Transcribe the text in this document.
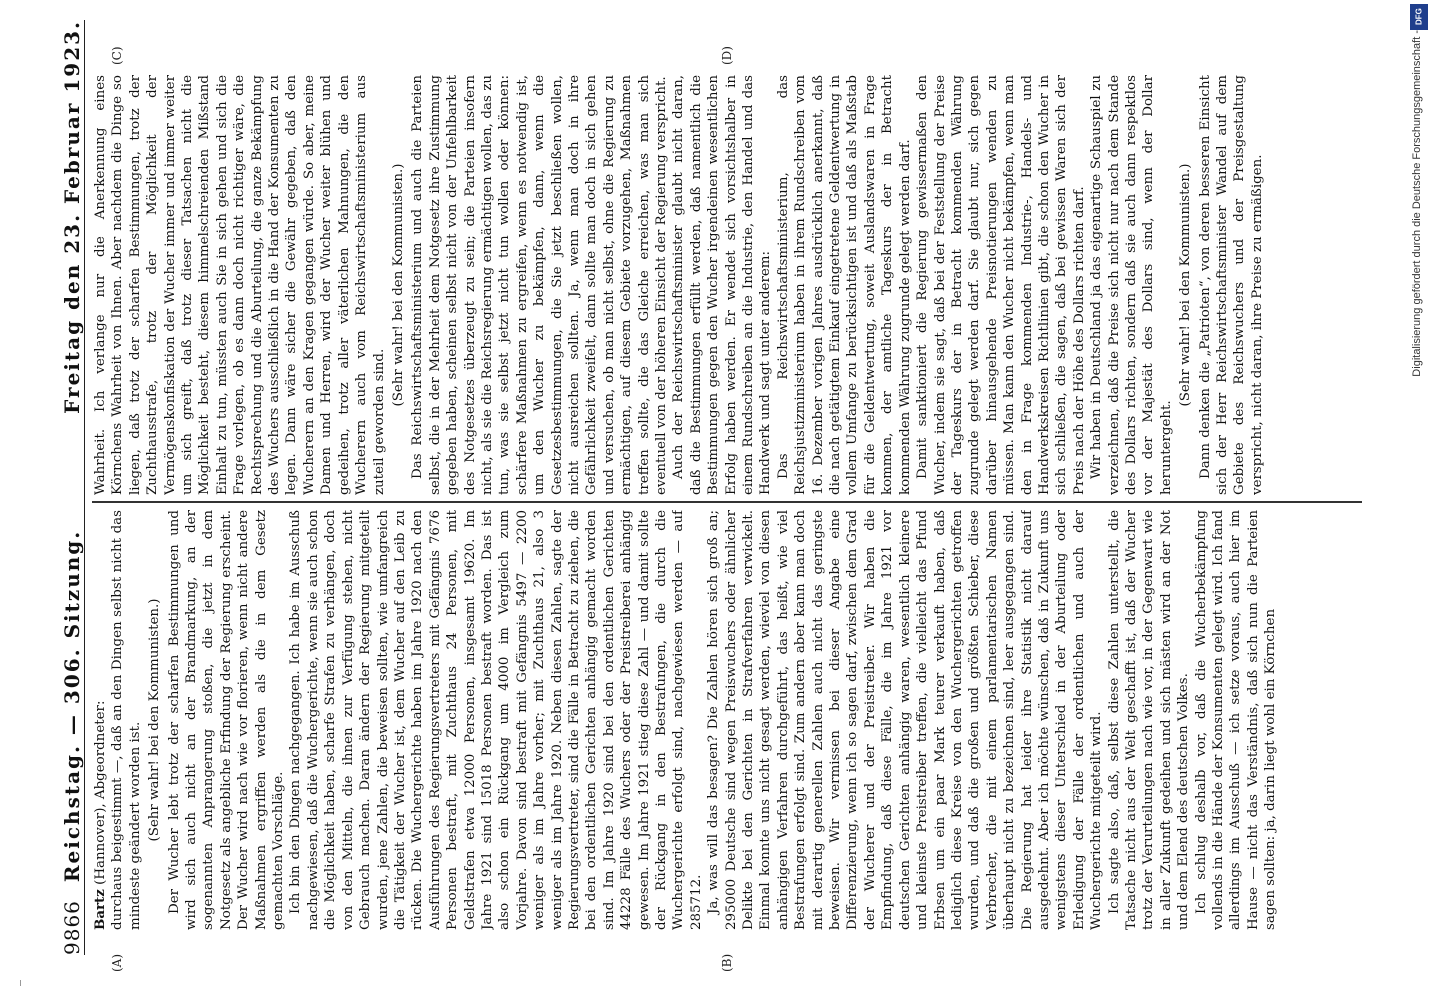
9866Reichstag. — 306. Sitzung.
Freitag den 23. Februar 1923.
(A)	(B)

Bartz (Hannover), Abgeordneter: durchaus beigestimmt —, daß an den Dingen selbst nicht das mindeste geändert worden ist. (Sehr wahr! bei den Kommunisten.) Der Wucher lebt trotz der scharfen Bestimmungen und wird sich auch nicht an der Brandmarkung, an der sogenannten Anprangerung stoßen, die jetzt in dem Notgesetz als angebliche Erfindung der Regierung erscheint. Der Wucher wird nach wie vor florieren, wenn nicht andere Maßnahmen ergriffen werden als die in dem Gesetz gemachten Vorschläge. Ich bin den Dingen nachgegangen. Ich habe im Ausschuß nachgewiesen, daß die Wuchergerichte, wenn sie auch schon die Möglichkeit haben, scharfe Strafen zu verhängen, doch von den Mitteln, die ihnen zur Verfügung stehen, nicht Gebrauch machen. Daran ändern der Regierung mitgeteilt wurden, jene Zahlen, die beweisen sollten, wie umfangreich die Tätigkeit der Wucher ist, dem Wucher auf den Leib zu rücken. Die Wuchergerichte haben im Jahre 1920 nach den Ausführungen des Regierungsvertreters mit Gefängnis 7676 Personen bestraft, mit Zuchthaus 24 Personen, mit Geldstrafen etwa 12000 Personen, insgesamt 19620. Im Jahre 1921 sind 15018 Personen bestraft worden. Das ist also schon ein Rückgang um 4000 im Vergleich zum Vorjahre. Davon sind bestraft mit Gefängnis 5497 — 2200 weniger als im Jahre vorher; mit Zuchthaus 21, also 3 weniger als im Jahre 1920. Neben diesen Zahlen, sagte der Regierungsvertreter, sind die Fälle in Betracht zu ziehen, die bei den ordentlichen Gerichten anhängig gemacht worden sind. Im Jahre 1920 sind bei den ordentlichen Gerichten 44228 Fälle des Wuchers oder der Preistreiberei anhängig gewesen. Im Jahre 1921 stieg diese Zahl — und damit sollte der Rückgang in den Bestrafungen, die durch die Wuchergerichte erfolgt sind, nachgewiesen werden — auf 285712. Ja, was will das besagen? Die Zahlen hören sich groß an; 295000 Deutsche sind wegen Preiswuchers oder ähnlicher Delikte bei den Gerichten in Strafverfahren verwickelt. Einmal konnte uns nicht gesagt werden, wieviel von diesen anhängigen Verfahren durchgeführt, das heißt, wie viel Bestrafungen erfolgt sind. Zum andern aber kann man doch mit derartig generellen Zahlen auch nicht das geringste beweisen. Wir vermissen bei dieser Angabe eine Differenzierung, wenn ich so sagen darf, zwischen dem Grad der Wucherer und der Preistreiber. Wir haben die Empfindung, daß diese Fälle, die im Jahre 1921 vor deutschen Gerichten anhängig waren, wesentlich kleinere und kleinste Preistreiber treffen, die vielleicht das Pfund Erbsen um ein paar Mark teurer verkauft haben, daß lediglich diese Kreise von den Wuchergerichten getroffen wurden, und daß die großen und größten Schieber, diese Verbrecher, die mit einem parlamentarischen Namen überhaupt nicht zu bezeichnen sind, leer ausgegangen sind. Die Regierung hat leider ihre Statistik nicht darauf ausgedehnt. Aber ich möchte wünschen, daß in Zukunft uns wenigstens dieser Unterschied in der Aburteilung oder Erledigung der Fälle der ordentlichen und auch der Wuchergerichte mitgeteilt wird. Ich sagte also, daß, selbst diese Zahlen unterstellt, die Tatsache nicht aus der Welt geschafft ist, daß der Wucher trotz der Verurteilungen nach wie vor, in der Gegenwart wie in aller Zukunft gedeihen und sich mästen wird an der Not und dem Elend des deutschen Volkes. Ich schlug deshalb vor, daß die Wucherbekämpfung vollends in die Hände der Konsumenten gelegt wird. Ich fand allerdings im Ausschuß — ich setze voraus, auch hier im Hause — nicht das Verständnis, daß sich nun die Parteien sagen sollten: ja, darin liegt wohl ein Körnchen

Wahrheit. Ich verlange nur die Anerkennung eines Körnchens Wahrheit von Ihnen. Aber nachdem die Dinge so liegen, daß trotz der scharfen Bestimmungen, trotz der Zuchthausstrafe, trotz der Möglichkeit der Vermögenskonfiskation der Wucher immer und immer weiter um sich greift, daß trotz dieser Tatsachen nicht die Möglichkeit besteht, diesem himmelschreienden Mißstand Einhalt zu tun, müssten auch Sie in sich gehen und sich die Frage vorlegen, ob es dann doch nicht richtiger wäre, die Rechtsprechung und die Aburteilung, die ganze Bekämpfung des Wuchers ausschließlich in die Hand der Konsumenten zu legen. Dann wäre sicher die Gewähr gegeben, daß den Wucherern an den Kragen gegangen würde. So aber, meine Damen und Herren, wird der Wucher weiter blühen und gedeihen, trotz aller väterlichen Mahnungen, die den Wucherern auch vom Reichswirtschaftsministerium aus zuteil geworden sind.

(Sehr wahr! bei den Kommunisten.) Das Reichswirtschaftsministerium und auch die Parteien selbst, die in der Mehrheit dem Notgesetz ihre Zustimmung gegeben haben, scheinen selbst nicht von der Unfehlbarkeit des Notgesetzes überzeugt zu sein; die Parteien insofern nicht, als sie die Reichsregierung ermächtigen wollen, das zu tun, was sie selbst jetzt nicht tun wollen oder können: schärfere Maßnahmen zu ergreifen, wenn es notwendig ist, um den Wucher zu bekämpfen, dann, wenn die Gesetzesbestimmungen, die Sie jetzt beschließen wollen, nicht ausreichen sollten. Ja, wenn man doch in ihre Gefährlichkeit zweifelt, dann sollte man doch in sich gehen und versuchen, ob man nicht selbst, ohne die Regierung zu ermächtigen, auf diesem Gebiete vorzugehen, Maßnahmen treffen sollte, die das Gleiche erreichen, was man sich eventuell von der höheren Einsicht der Regierung verspricht. Auch der Reichswirtschaftsminister glaubt nicht daran, daß die Bestimmungen erfüllt werden, daß namentlich die Bestimmungen gegen den Wucher irgendeinen wesentlichen Erfolg haben werden. Er wendet sich vorsichtshalber in einem Rundschreiben an die Industrie, den Handel und das Handwerk und sagt unter anderem: Das Reichswirtschaftsministerium, das Reichsjustizministerium haben in ihrem Rundschreiben vom 16. Dezember vorigen Jahres ausdrücklich anerkannt, daß die nach getätigtem Einkauf eingetretene Geldentwertung in vollem Umfange zu berücksichtigen ist und daß als Maßstab für die Geldentwertung, soweit Auslandswaren in Frage kommen, der amtliche Tageskurs der in Betracht kommenden Währung zugrunde gelegt werden darf. Damit sanktioniert die Regierung gewissermaßen den Wucher, indem sie sagt, daß bei der Feststellung der Preise der Tageskurs der in Betracht kommenden Währung zugrunde gelegt werden darf. Sie glaubt nur, sich gegen darüber hinausgehende Preisnotierungen wenden zu müssen. Man kann den Wucher nicht bekämpfen, wenn man den in Frage kommenden Industrie-, Handels- und Handwerkskreisen Richtlinien gibt, die schon den Wucher in sich schließen, die sagen, daß bei gewissen Waren sich der Preis nach der Höhe des Dollars richten darf. Wir haben in Deutschland ja das eigenartige Schauspiel zu verzeichnen, daß die Preise sich nicht nur nach dem Stande des Dollars richten, sondern daß sie auch dann respektlos vor der Majestät des Dollars sind, wenn der Dollar heruntergeht.

(Sehr wahr! bei den Kommunisten.) Dann denken die „Patrioten“, von deren besseren Einsicht sich der Herr Reichswirtschaftsminister Wandel auf dem Gebiete des Reichswuchers und der Preisgestaltung verspricht, nicht daran, ihre Preise zu ermäßigen.

(C)	(D)	Digitalisierung gefördert durch die Deutsche Forschungsgemeinschaft -
DFG
